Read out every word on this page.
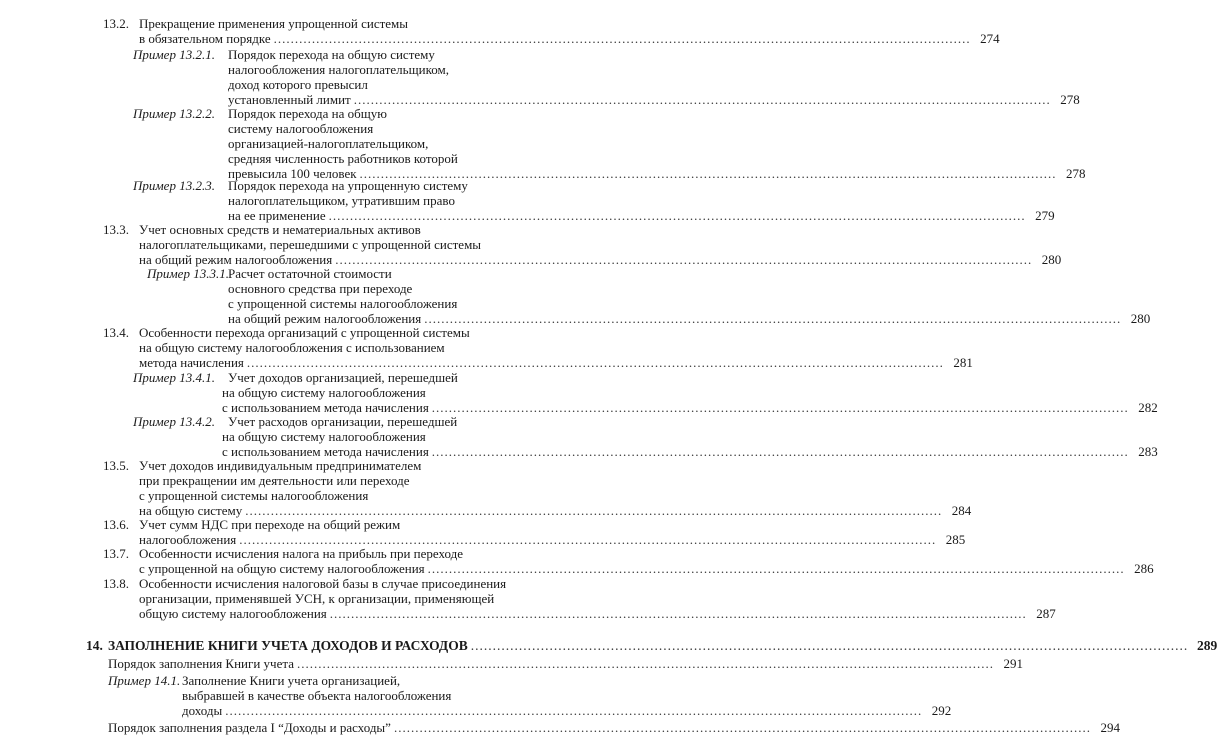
13.2. Прекращение применения упрощенной системы
в обязательном порядке .................................................................................................................................................................... 274
Пример 13.2.1. Порядок перехода на общую систему
налогообложения налогоплательщиком,
доход которого превысил
установленный лимит .................................................................................................................................................................... 278
Пример 13.2.2. Порядок перехода на общую
систему налогообложения
организацией-налогоплательщиком,
средняя численность работников которой
превысила 100 человек .................................................................................................................................................................... 278
Пример 13.2.3. Порядок перехода на упрощенную систему
налогоплательщиком, утратившим право
на ее применение .................................................................................................................................................................... 279
13.3. Учет основных средств и нематериальных активов
налогоплательщиками, перешедшими с упрощенной системы
на общий режим налогообложения .................................................................................................................................................................... 280
Пример 13.3.1. Расчет остаточной стоимости
основного средства при переходе
с упрощенной системы налогообложения
на общий режим налогообложения .................................................................................................................................................................... 280
13.4. Особенности перехода организаций с упрощенной системы
на общую систему налогообложения с использованием
метода начисления .................................................................................................................................................................... 281
Пример 13.4.1. Учет доходов организацией, перешедшей
на общую систему налогообложения
с использованием метода начисления .................................................................................................................................................................... 282
Пример 13.4.2. Учет расходов организации, перешедшей
на общую систему налогообложения
с использованием метода начисления .................................................................................................................................................................... 283
13.5. Учет доходов индивидуальным предпринимателем
при прекращении им деятельности или переходе
с упрощенной системы налогообложения
на общую систему .................................................................................................................................................................... 284
13.6. Учет сумм НДС при переходе на общий режим
налогообложения .................................................................................................................................................................... 285
13.7. Особенности исчисления налога на прибыль при переходе
с упрощенной на общую систему налогообложения .................................................................................................................................................................... 286
13.8. Особенности исчисления налоговой базы в случае присоединения
организации, применявшей УСН, к организации, применяющей
общую систему налогообложения .................................................................................................................................................................... 287
14. ЗАПОЛНЕНИЕ КНИГИ УЧЕТА ДОХОДОВ И РАСХОДОВ .................................................................................................................................................................... 289
Порядок заполнения Книги учета .................................................................................................................................................................... 291
Пример 14.1. Заполнение Книги учета организацией,
выбравшей в качестве объекта налогообложения
доходы .................................................................................................................................................................... 292
Порядок заполнения раздела I “Доходы и расходы” .................................................................................................................................................................... 294
